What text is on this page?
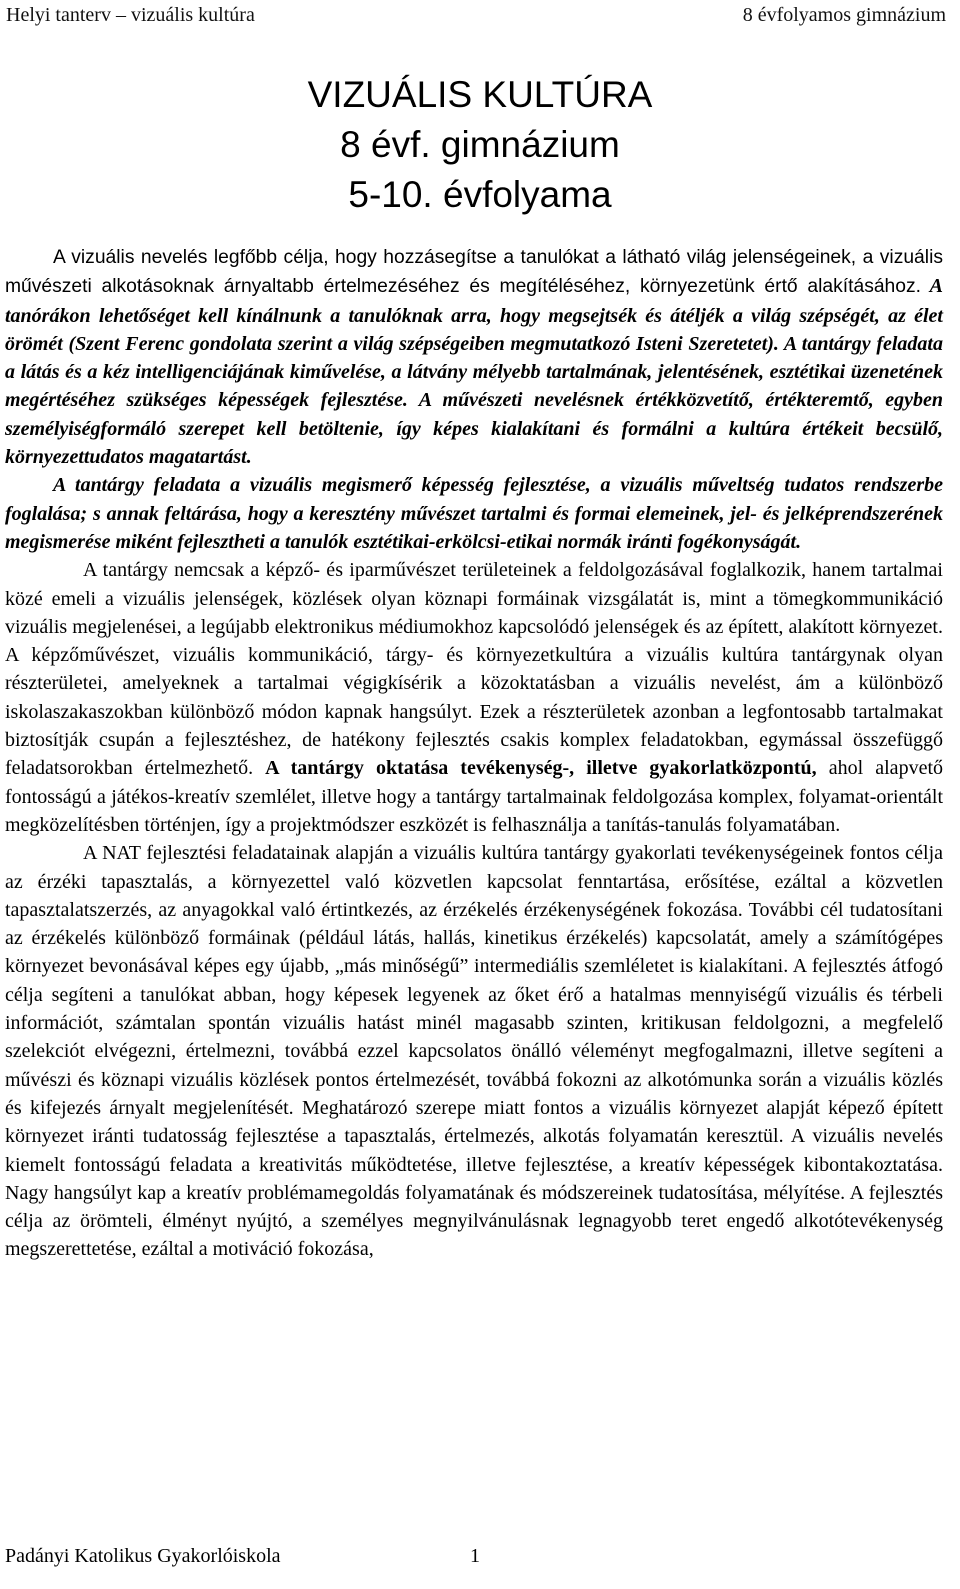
Helyi tanterv – vizuális kultúra	8 évfolyamos gimnázium
VIZUÁLIS KULTÚRA
8 évf. gimnázium
5-10. évfolyama

A vizuális nevelés legfőbb célja, hogy hozzásegítse a tanulókat a látható világ jelenségeinek, a vizuális művészeti alkotásoknak árnyaltabb értelmezéséhez és megítéléséhez, környezetünk értő alakításához. A tanórákon lehetőséget kell kínálnunk a tanulóknak arra, hogy megsejtsék és átéljék a világ szépségét, az élet örömét (Szent Ferenc gondolata szerint a világ szépségeiben megmutatkozó Isteni Szeretetet). A tantárgy feladata a látás és a kéz intelligenciájának kiművelése, a látvány mélyebb tartalmának, jelentésének, esztétikai üzenetének megértéséhez szükséges képességek fejlesztése. A művészeti nevelésnek értékközvetítő, értékteremtő, egyben személyiségformáló szerepet kell betöltenie, így képes kialakítani és formálni a kultúra értékeit becsülő, környezettudatos magatartást.

A tantárgy feladata a vizuális megismerő képesség fejlesztése, a vizuális műveltség tudatos rendszerbe foglalása; s annak feltárása, hogy a keresztény művészet tartalmi és formai elemeinek, jel- és jelképrendszerének megismerése miként fejlesztheti a tanulók esztétikai-erkölcsi-etikai normák iránti fogékonyságát.

A tantárgy nemcsak a képző- és iparművészet területeinek a feldolgozásával foglalkozik, hanem tartalmai közé emeli a vizuális jelenségek, közlések olyan köznapi formáinak vizsgálatát is, mint a tömegkommunikáció vizuális megjelenései, a legújabb elektronikus médiumokhoz kapcsolódó jelenségek és az épített, alakított környezet. A képzőművészet, vizuális kommunikáció, tárgy- és környezetkultúra a vizuális kultúra tantárgynak olyan részterületei, amelyeknek a tartalmai végigkísérik a közoktatásban a vizuális nevelést, ám a különböző iskolaszakaszokban különböző módon kapnak hangsúlyt. Ezek a részterületek azonban a legfontosabb tartalmakat biztosítják csupán a fejlesztéshez, de hatékony fejlesztés csakis komplex feladatokban, egymással összefüggő feladatsorokban értelmezhető. A tantárgy oktatása tevékenység-, illetve gyakorlatközpontú, ahol alapvető fontosságú a játékos-kreatív szemlélet, illetve hogy a tantárgy tartalmainak feldolgozása komplex, folyamat-orientált megközelítésben történjen, így a projektmódszer eszközét is felhasználja a tanítás-tanulás folyamatában.

A NAT fejlesztési feladatainak alapján a vizuális kultúra tantárgy gyakorlati tevékenységeinek fontos célja az érzéki tapasztalás, a környezettel való közvetlen kapcsolat fenntartása, erősítése, ezáltal a közvetlen tapasztalatszerzés, az anyagokkal való értintkezés, az érzékelés érzékenységének fokozása. További cél tudatosítani az érzékelés különböző formáinak (például látás, hallás, kinetikus érzékelés) kapcsolatát, amely a számítógépes környezet bevonásával képes egy újabb, „más minőségű” intermediális szemléletet is kialakítani. A fejlesztés átfogó célja segíteni a tanulókat abban, hogy képesek legyenek az őket érő a hatalmas mennyiségű vizuális és térbeli információt, számtalan spontán vizuális hatást minél magasabb szinten, kritikusan feldolgozni, a megfelelő szelekciót elvégezni, értelmezni, továbbá ezzel kapcsolatos önálló véleményt megfogalmazni, illetve segíteni a művészi és köznapi vizuális közlések pontos értelmezését, továbbá fokozni az alkotómunka során a vizuális közlés és kifejezés árnyalt megjelenítését. Meghatározó szerepe miatt fontos a vizuális környezet alapját képező épített környezet iránti tudatosság fejlesztése a tapasztalás, értelmezés, alkotás folyamatán keresztül. A vizuális nevelés kiemelt fontosságú feladata a kreativitás működtetése, illetve fejlesztése, a kreatív képességek kibontakoztatása. Nagy hangsúlyt kap a kreatív problémamegoldás folyamatának és módszereinek tudatosítása, mélyítése. A fejlesztés célja az örömteli, élményt nyújtó, a személyes megnyilvánulásnak legnagyobb teret engedő alkotótevékenység megszerettetése, ezáltal a motiváció fokozása,

Padányi Katolikus Gyakorlóiskola	1
